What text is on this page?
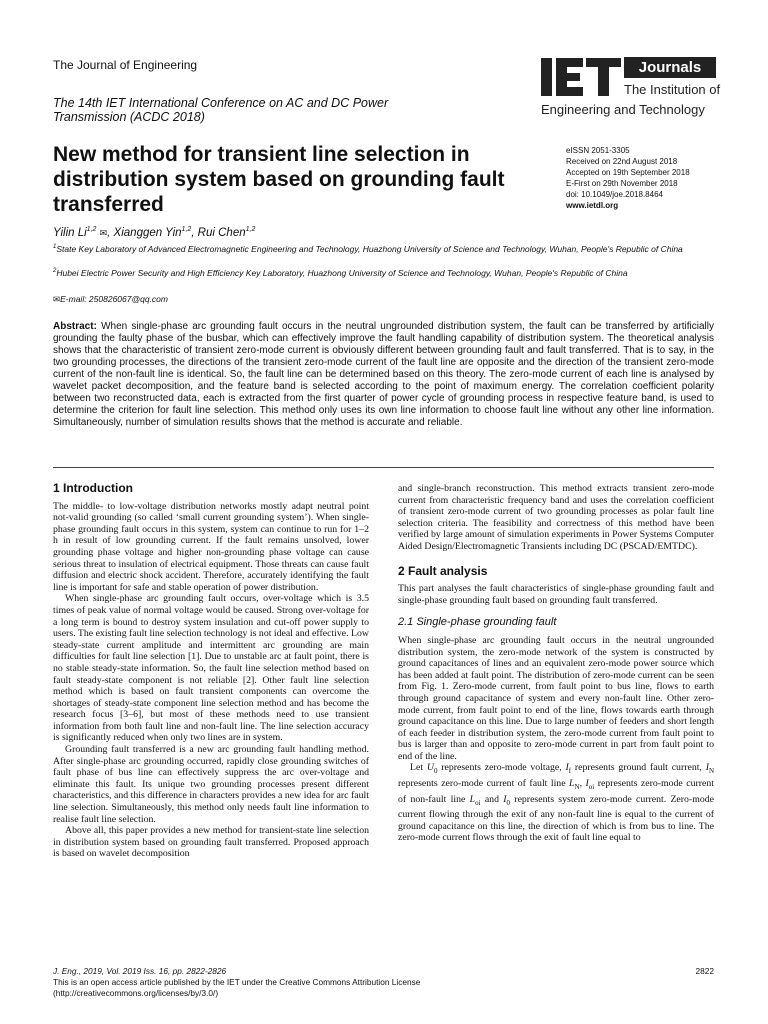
The Journal of Engineering
The 14th IET International Conference on AC and DC Power
Transmission (ACDC 2018)
Journals
The Institution of
Engineering and Technology
New method for transient line selection in distribution system based on grounding fault transferred
eISSN 2051-3305
Received on 22nd August 2018
Accepted on 19th September 2018
E-First on 29th November 2018
doi: 10.1049/joe.2018.8464
www.ietdl.org
Yilin Li$^{1,2}$ ✉, Xianggen Yin$^{1,2}$, Rui Chen$^{1,2}$
$^1$State Key Laboratory of Advanced Electromagnetic Engineering and Technology, Huazhong University of Science and Technology, Wuhan, People's Republic of China
$^2$Hubei Electric Power Security and High Efficiency Key Laboratory, Huazhong University of Science and Technology, Wuhan, People's Republic of China
✉E-mail: 250826067@qq.com
Abstract: When single-phase arc grounding fault occurs in the neutral ungrounded distribution system, the fault can be transferred by artificially grounding the faulty phase of the busbar, which can effectively improve the fault handling capability of distribution system. The theoretical analysis shows that the characteristic of transient zero-mode current is obviously different between grounding fault and fault transferred. That is to say, in the two grounding processes, the directions of the transient zero-mode current of the fault line are opposite and the direction of the transient zero-mode current of the non-fault line is identical. So, the fault line can be determined based on this theory. The zero-mode current of each line is analysed by wavelet packet decomposition, and the feature band is selected according to the point of maximum energy. The correlation coefficient polarity between two reconstructed data, each is extracted from the first quarter of power cycle of grounding process in respective feature band, is used to determine the criterion for fault line selection. This method only uses its own line information to choose fault line without any other line information. Simultaneously, number of simulation results shows that the method is accurate and reliable.
1 Introduction

The middle- to low-voltage distribution networks mostly adapt neutral point not-valid grounding (so called ‘small current grounding system’). When single-phase grounding fault occurs in this system, system can continue to run for 1–2 h in result of low grounding current. If the fault remains unsolved, lower grounding phase voltage and higher non-grounding phase voltage can cause serious threat to insulation of electrical equipment. Those threats can cause fault diffusion and electric shock accident. Therefore, accurately identifying the fault line is important for safe and stable operation of power distribution.

When single-phase arc grounding fault occurs, over-voltage which is 3.5 times of peak value of normal voltage would be caused. Strong over-voltage for a long term is bound to destroy system insulation and cut-off power supply to users. The existing fault line selection technology is not ideal and effective. Low steady-state current amplitude and intermittent arc grounding are main difficulties for fault line selection [1]. Due to unstable arc at fault point, there is no stable steady-state information. So, the fault line selection method based on fault steady-state component is not reliable [2]. Other fault line selection method which is based on fault transient components can overcome the shortages of steady-state component line selection method and has become the research focus [3–6], but most of these methods need to use transient information from both fault line and non-fault line. The line selection accuracy is significantly reduced when only two lines are in system.

Grounding fault transferred is a new arc grounding fault handling method. After single-phase arc grounding occurred, rapidly close grounding switches of fault phase of bus line can effectively suppress the arc over-voltage and eliminate this fault. Its unique two grounding processes present different characteristics, and this difference in characters provides a new idea for arc fault line selection. Simultaneously, this method only needs fault line information to realise fault line selection.

Above all, this paper provides a new method for transient-state line selection in distribution system based on grounding fault transferred. Proposed approach is based on wavelet decomposition

and single-branch reconstruction. This method extracts transient zero-mode current from characteristic frequency band and uses the correlation coefficient of transient zero-mode current of two grounding processes as polar fault line selection criteria. The feasibility and correctness of this method have been verified by large amount of simulation experiments in Power Systems Computer Aided Design/Electromagnetic Transients including DC (PSCAD/EMTDC).

2 Fault analysis

This part analyses the fault characteristics of single-phase grounding fault and single-phase grounding fault based on grounding fault transferred.

2.1 Single-phase grounding fault

When single-phase arc grounding fault occurs in the neutral ungrounded distribution system, the zero-mode network of the system is constructed by ground capacitances of lines and an equivalent zero-mode power source which has been added at fault point. The distribution of zero-mode current can be seen from Fig. 1. Zero-mode current, from fault point to bus line, flows to earth through ground capacitance of system and every non-fault line. Other zero-mode current, from fault point to end of the line, flows towards earth through ground capacitance on this line. Due to large number of feeders and short length of each feeder in distribution system, the zero-mode current from fault point to bus is larger than and opposite to zero-mode current in part from fault point to end of the line.

Let $U_0$ represents zero-mode voltage, $I_f$ represents ground fault current, $I_N$ represents zero-mode current of fault line $L_N$, $I_{oi}$ represents zero-mode current of non-fault line $L_{oi}$ and $I_0$ represents system zero-mode current. Zero-mode current flowing through the exit of any non-fault line is equal to the current of ground capacitance on this line, the direction of which is from bus to line. The zero-mode current flows through the exit of fault line equal to

J. Eng., 2019, Vol. 2019 Iss. 16, pp. 2822-2826
This is an open access article published by the IET under the Creative Commons Attribution License
(http://creativecommons.org/licenses/by/3.0/)
2822
